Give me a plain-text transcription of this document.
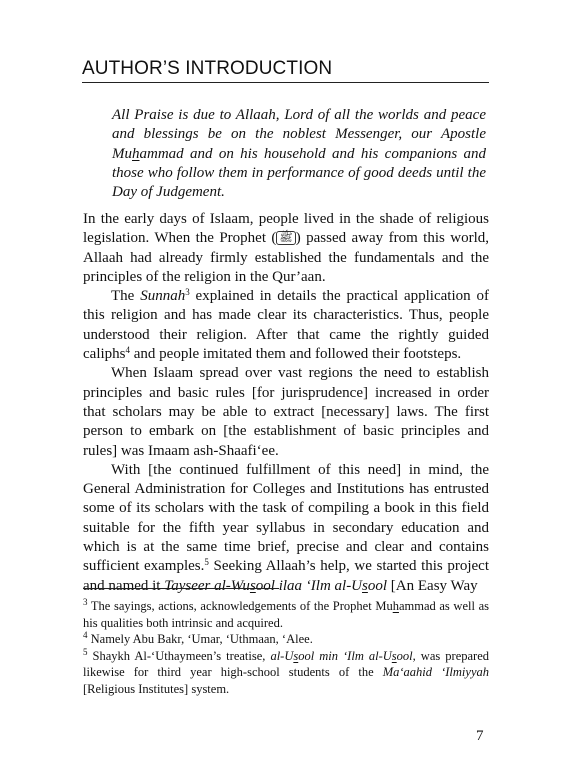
AUTHOR’S INTRODUCTION

All Praise is due to Allaah, Lord of all the worlds and peace and blessings be on the noblest Messenger, our Apostle Muhammad and on his household and his companions and those who follow them in performance of good deeds until the Day of Judgement.

In the early days of Islaam, people lived in the shade of religious legislation. When the Prophet ( ﷺ ) passed away from this world, Allaah had already firmly established the fundamentals and the principles of the religion in the Qur’aan.

The Sunnah$^3$ explained in details the practical application of this religion and has made clear its characteristics. Thus, people understood their religion. After that came the rightly guided caliphs$^4$ and people imitated them and followed their footsteps.

When Islaam spread over vast regions the need to establish principles and basic rules [for jurisprudence] increased in order that scholars may be able to extract [necessary] laws. The first person to embark on [the establishment of basic principles and rules] was Imaam ash-Shaafi‘ee.

With [the continued fulfillment of this need] in mind, the General Administration for Colleges and Institutions has entrusted some of its scholars with the task of compiling a book in this field suitable for the fifth year syllabus in secondary education and which is at the same time brief, precise and clear and contains sufficient examples.$^5$ Seeking Allaah’s help, we started this project and named it Tayseer al-Wusool ilaa ‘Ilm al-Usool [An Easy Way

$^3$ The sayings, actions, acknowledgements of the Prophet Muhammad as well as his qualities both intrinsic and acquired.

$^4$ Namely Abu Bakr, ‘Umar, ‘Uthmaan, ‘Alee.

$^5$ Shaykh Al-‘Uthaymeen’s treatise, al-Usool min ‘Ilm al-Usool, was prepared likewise for third year high-school students of the Ma‘aahid ‘Ilmiyyah [Religious Institutes] system.

7
